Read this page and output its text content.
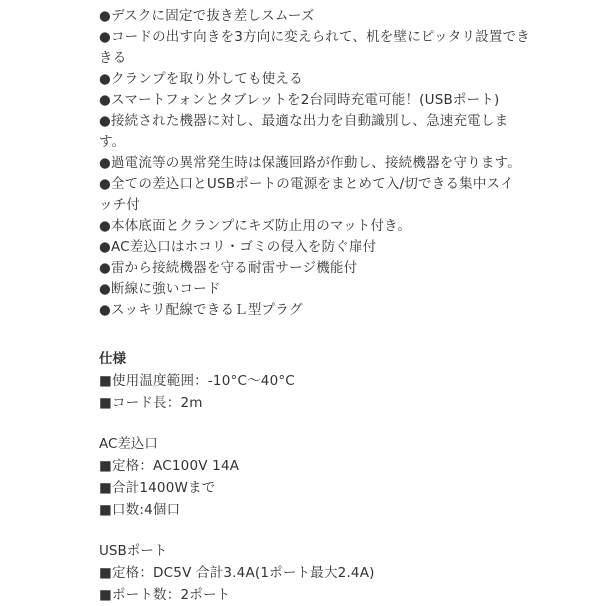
●デスクに固定で抜き差しスムーズ
●コードの出す向きを3方向に変えられて、机を壁にピッタリ設置でき
きる
●クランプを取り外しても使える
●スマートフォンとタブレットを2台同時充電可能！(USBポート)
●接続された機器に対し、最適な出力を自動識別し、急速充電しま
す。
●過電流等の異常発生時は保護回路が作動し、接続機器を守ります。
●全ての差込口とUSBポートの電源をまとめて入/切できる集中スイ
ッチ付
●本体底面とクランプにキズ防止用のマット付き。
●AC差込口はホコリ・ゴミの侵入を防ぐ扉付
●雷から接続機器を守る耐雷サージ機能付
●断線に強いコード
●スッキリ配線できるＬ型プラグ
仕様
■使用温度範囲：-10°C〜40°C
■コード長：2m
AC差込口
■定格：AC100V 14A
■合計1400Wまで
■口数:4個口
USBポート
■定格：DC5V 合計3.4A(1ポート最大2.4A)
■ポート数：2ポート
